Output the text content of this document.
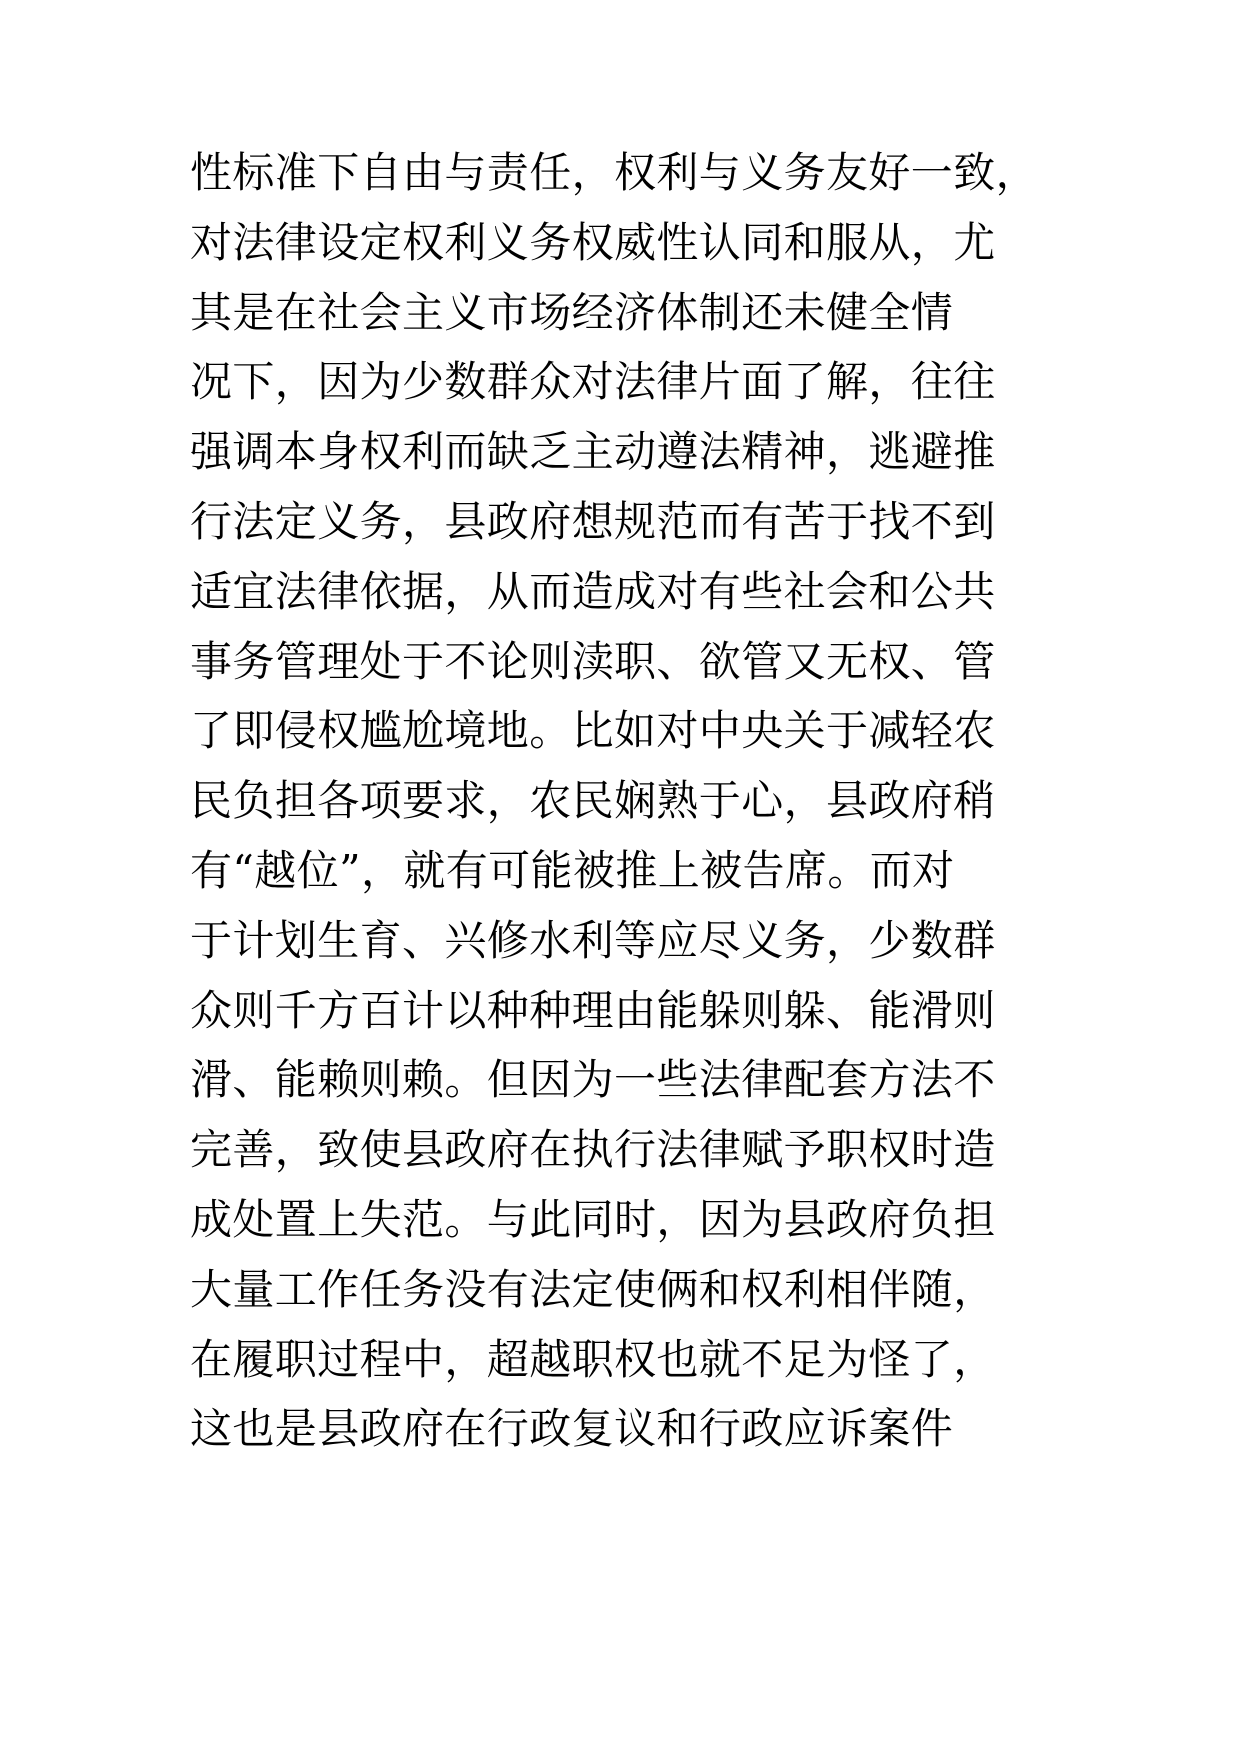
性标准下自由与责任，权利与义务友好一致，
对法律设定权利义务权威性认同和服从，尤
其是在社会主义市场经济体制还未健全情
况下，因为少数群众对法律片面了解，往往
强调本身权利而缺乏主动遵法精神，逃避推
行法定义务，县政府想规范而有苦于找不到
适宜法律依据，从而造成对有些社会和公共
事务管理处于不论则渎职、欲管又无权、管
了即侵权尴尬境地。比如对中央关于减轻农
民负担各项要求，农民娴熟于心，县政府稍
有“越位”，就有可能被推上被告席。而对
于计划生育、兴修水利等应尽义务，少数群
众则千方百计以种种理由能躲则躲、能滑则
滑、能赖则赖。但因为一些法律配套方法不
完善，致使县政府在执行法律赋予职权时造
成处置上失范。与此同时，因为县政府负担
大量工作任务没有法定使俩和权利相伴随，
在履职过程中，超越职权也就不足为怪了，
这也是县政府在行政复议和行政应诉案件
